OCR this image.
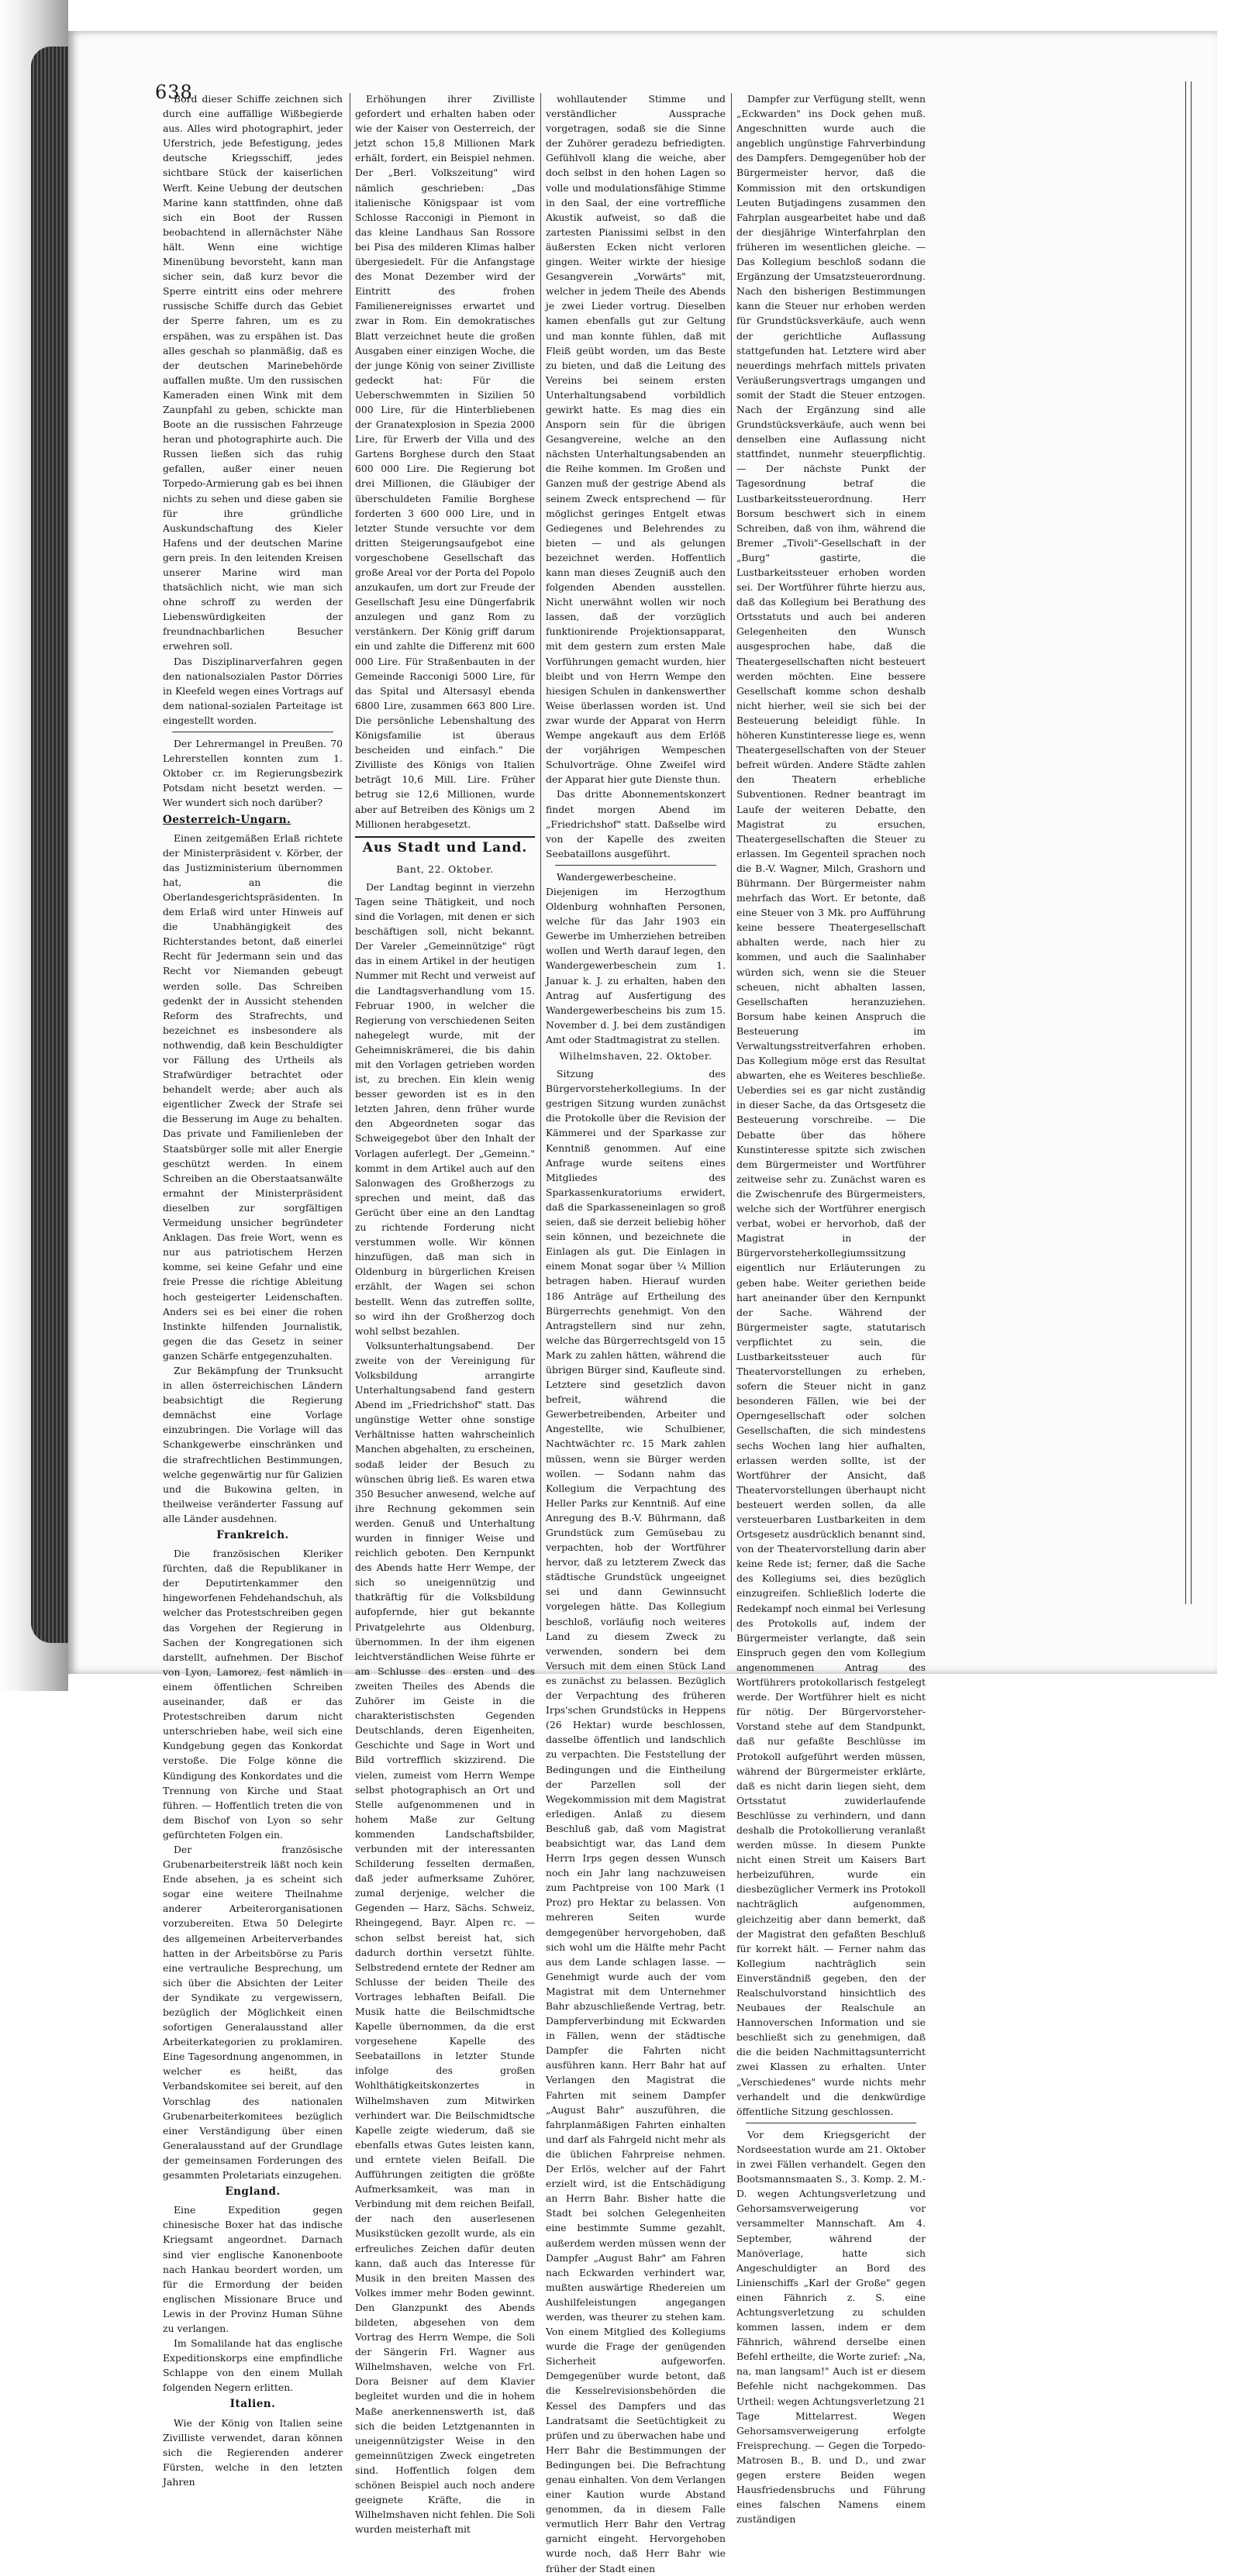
638

Bord dieser Schiffe zeichnen sich durch eine auffällige Wißbegierde aus. Alles wird photographirt, jeder Uferstrich, jede Befestigung, jedes deutsche Kriegsschiff, jedes sichtbare Stück der kaiserlichen Werft. Keine Uebung der deutschen Marine kann stattfinden, ohne daß sich ein Boot der Russen beobachtend in allernächster Nähe hält. Wenn eine wichtige Minenübung bevorsteht, kann man sicher sein, daß kurz bevor die Sperre eintritt eins oder mehrere russische Schiffe durch das Gebiet der Sperre fahren, um es zu erspähen, was zu erspähen ist. Das alles geschah so planmäßig, daß es der deutschen Marinebehörde auffallen mußte. Um den russischen Kameraden einen Wink mit dem Zaunpfahl zu geben, schickte man Boote an die russischen Fahrzeuge heran und photographirte auch. Die Russen ließen sich das ruhig gefallen, außer einer neuen Torpedo-Armierung gab es bei ihnen nichts zu sehen und diese gaben sie für ihre gründliche Auskundschaftung des Kieler Hafens und der deutschen Marine gern preis. In den leitenden Kreisen unserer Marine wird man thatsächlich nicht, wie man sich ohne schroff zu werden der Liebenswürdigkeiten der freundnachbarlichen Besucher erwehren soll.

Das Disziplinarverfahren gegen den nationalsozialen Pastor Dörries in Kleefeld wegen eines Vortrags auf dem national-sozialen Parteitage ist eingestellt worden.

Der Lehrermangel in Preußen. 70 Lehrerstellen konnten zum 1. Oktober cr. im Regierungsbezirk Potsdam nicht besetzt werden. — Wer wundert sich noch darüber?

Oesterreich-Ungarn.

Einen zeitgemäßen Erlaß richtete der Ministerpräsident v. Körber, der das Justizministerium übernommen hat, an die Oberlandesgerichtspräsidenten. In dem Erlaß wird unter Hinweis auf die Unabhängigkeit des Richterstandes betont, daß einerlei Recht für Jedermann sein und das Recht vor Niemanden gebeugt werden solle. Das Schreiben gedenkt der in Aussicht stehenden Reform des Strafrechts, und bezeichnet es insbesondere als nothwendig, daß kein Beschuldigter vor Fällung des Urtheils als Strafwürdiger betrachtet oder behandelt werde; aber auch als eigentlicher Zweck der Strafe sei die Besserung im Auge zu behalten. Das private und Familienleben der Staatsbürger solle mit aller Energie geschützt werden. In einem Schreiben an die Oberstaatsanwälte ermahnt der Ministerpräsident dieselben zur sorgfältigen Vermeidung unsicher begründeter Anklagen. Das freie Wort, wenn es nur aus patriotischem Herzen komme, sei keine Gefahr und eine freie Presse die richtige Ableitung hoch gesteigerter Leidenschaften. Anders sei es bei einer die rohen Instinkte hilfenden Journalistik, gegen die das Gesetz in seiner ganzen Schärfe entgegenzuhalten.

Zur Bekämpfung der Trunksucht in allen österreichischen Ländern beabsichtigt die Regierung demnächst eine Vorlage einzubringen. Die Vorlage will das Schankgewerbe einschränken und die strafrechtlichen Bestimmungen, welche gegenwärtig nur für Galizien und die Bukowina gelten, in theilweise veränderter Fassung auf alle Länder ausdehnen.

Frankreich.

Die französischen Kleriker fürchten, daß die Republikaner in der Deputirtenkammer den hingeworfenen Fehdehandschuh, als welcher das Protestschreiben gegen das Vorgehen der Regierung in Sachen der Kongregationen sich darstellt, aufnehmen. Der Bischof von Lyon, Lamorez, fest nämlich in einem öffentlichen Schreiben auseinander, daß er das Protestschreiben darum nicht unterschrieben habe, weil sich eine Kundgebung gegen das Konkordat verstoße. Die Folge könne die Kündigung des Konkordates und die Trennung von Kirche und Staat führen. — Hoffentlich treten die von dem Bischof von Lyon so sehr gefürchteten Folgen ein.

Der französische Grubenarbeiterstreik läßt noch kein Ende absehen, ja es scheint sich sogar eine weitere Theilnahme anderer Arbeiterorganisationen vorzubereiten. Etwa 50 Delegirte des allgemeinen Arbeiterverbandes hatten in der Arbeitsbörse zu Paris eine vertrauliche Besprechung, um sich über die Absichten der Leiter der Syndikate zu vergewissern, bezüglich der Möglichkeit einen sofortigen Generalausstand aller Arbeiterkategorien zu proklamiren. Eine Tagesordnung angenommen, in welcher es heißt, das Verbandskomitee sei bereit, auf den Vorschlag des nationalen Grubenarbeiterkomitees bezüglich einer Verständigung über einen Generalausstand auf der Grundlage der gemeinsamen Forderungen des gesammten Proletariats einzugehen.

England.

Eine Expedition gegen chinesische Boxer hat das indische Kriegsamt angeordnet. Darnach sind vier englische Kanonenboote nach Hankau beordert worden, um für die Ermordung der beiden englischen Missionare Bruce und Lewis in der Provinz Human Sühne zu verlangen.

Im Somalilande hat das englische Expeditionskorps eine empfindliche Schlappe von den einem Mullah folgenden Negern erlitten.

Italien.

Wie der König von Italien seine Zivilliste verwendet, daran können sich die Regierenden anderer Fürsten, welche in den letzten Jahren

Erhöhungen ihrer Zivilliste gefordert und erhalten haben oder wie der Kaiser von Oesterreich, der jetzt schon 15,8 Millionen Mark erhält, fordert, ein Beispiel nehmen. Der „Berl. Volkszeitung" wird nämlich geschrieben: „Das italienische Königspaar ist vom Schlosse Racconigi in Piemont in das kleine Landhaus San Rossore bei Pisa des milderen Klimas halber übergesiedelt. Für die Anfangstage des Monat Dezember wird der Eintritt des frohen Familienereignisses erwartet und zwar in Rom. Ein demokratisches Blatt verzeichnet heute die großen Ausgaben einer einzigen Woche, die der junge König von seiner Zivilliste gedeckt hat: Für die Ueberschwemmten in Sizilien 50 000 Lire, für die Hinterbliebenen der Granatexplosion in Spezia 2000 Lire, für Erwerb der Villa und des Gartens Borghese durch den Staat 600 000 Lire. Die Regierung bot drei Millionen, die Gläubiger der überschuldeten Familie Borghese forderten 3 600 000 Lire, und in letzter Stunde versuchte vor dem dritten Steigerungsaufgebot eine vorgeschobene Gesellschaft das große Areal vor der Porta del Popolo anzukaufen, um dort zur Freude der Gesellschaft Jesu eine Düngerfabrik anzulegen und ganz Rom zu verstänkern. Der König griff darum ein und zahlte die Differenz mit 600 000 Lire. Für Straßenbauten in der Gemeinde Racconigi 5000 Lire, für das Spital und Altersasyl ebenda 6800 Lire, zusammen 663 800 Lire. Die persönliche Lebenshaltung des Königsfamilie ist überaus bescheiden und einfach." Die Zivilliste des Königs von Italien beträgt 10,6 Mill. Lire. Früher betrug sie 12,6 Millionen, wurde aber auf Betreiben des Königs um 2 Millionen herabgesetzt.

Aus Stadt und Land.
Bant, 22. Oktober.

Der Landtag beginnt in vierzehn Tagen seine Thätigkeit, und noch sind die Vorlagen, mit denen er sich beschäftigen soll, nicht bekannt. Der Vareler „Gemeinnützige" rügt das in einem Artikel in der heutigen Nummer mit Recht und verweist auf die Landtagsverhandlung vom 15. Februar 1900, in welcher die Regierung von verschiedenen Seiten nahegelegt wurde, mit der Geheimniskrämerei, die bis dahin mit den Vorlagen getrieben worden ist, zu brechen. Ein klein wenig besser geworden ist es in den letzten Jahren, denn früher wurde den Abgeordneten sogar das Schweigegebot über den Inhalt der Vorlagen auferlegt. Der „Gemeinn." kommt in dem Artikel auch auf den Salonwagen des Großherzogs zu sprechen und meint, daß das Gerücht über eine an den Landtag zu richtende Forderung nicht verstummen wolle. Wir können hinzufügen, daß man sich in Oldenburg in bürgerlichen Kreisen erzählt, der Wagen sei schon bestellt. Wenn das zutreffen sollte, so wird ihn der Großherzog doch wohl selbst bezahlen.

Volksunterhaltungsabend. Der zweite von der Vereinigung für Volksbildung arrangirte Unterhaltungsabend fand gestern Abend im „Friedrichshof" statt. Das ungünstige Wetter ohne sonstige Verhältnisse hatten wahrscheinlich Manchen abgehalten, zu erscheinen, sodaß leider der Besuch zu wünschen übrig ließ. Es waren etwa 350 Besucher anwesend, welche auf ihre Rechnung gekommen sein werden. Genuß und Unterhaltung wurden in finniger Weise und reichlich geboten. Den Kernpunkt des Abends hatte Herr Wempe, der sich so uneigennützig und thatkräftig für die Volksbildung aufopfernde, hier gut bekannte Privatgelehrte aus Oldenburg, übernommen. In der ihm eigenen leichtverständlichen Weise führte er am Schlusse des ersten und des zweiten Theiles des Abends die Zuhörer im Geiste in die charakteristischsten Gegenden Deutschlands, deren Eigenheiten, Geschichte und Sage in Wort und Bild vortrefflich skizzirend. Die vielen, zumeist vom Herrn Wempe selbst photographisch an Ort und Stelle aufgenommenen und in hohem Maße zur Geltung kommenden Landschaftsbilder, verbunden mit der interessanten Schilderung fesselten dermaßen, daß jeder aufmerksame Zuhörer, zumal derjenige, welcher die Gegenden — Harz, Sächs. Schweiz, Rheingegend, Bayr. Alpen rc. — schon selbst bereist hat, sich dadurch dorthin versetzt fühlte. Selbstredend erntete der Redner am Schlusse der beiden Theile des Vortrages lebhaften Beifall. Die Musik hatte die Beilschmidtsche Kapelle übernommen, da die erst vorgesehene Kapelle des Seebataillons in letzter Stunde infolge des großen Wohlthätigkeitskonzertes in Wilhelmshaven zum Mitwirken verhindert war. Die Beilschmidtsche Kapelle zeigte wiederum, daß sie ebenfalls etwas Gutes leisten kann, und erntete vielen Beifall. Die Aufführungen zeitigten die größte Aufmerksamkeit, was man in Verbindung mit dem reichen Beifall, der nach den auserlesenen Musikstücken gezollt wurde, als ein erfreuliches Zeichen dafür deuten kann, daß auch das Interesse für Musik in den breiten Massen des Volkes immer mehr Boden gewinnt. Den Glanzpunkt des Abends bildeten, abgesehen von dem Vortrag des Herrn Wempe, die Soli der Sängerin Frl. Wagner aus Wilhelmshaven, welche von Frl. Dora Beisner auf dem Klavier begleitet wurden und die in hohem Maße anerkennenswerth ist, daß sich die beiden Letztgenannten in uneigennützigster Weise in den gemeinnützigen Zweck eingetreten sind. Hoffentlich folgen dem schönen Beispiel auch noch andere geeignete Kräfte, die in Wilhelmshaven nicht fehlen. Die Soli wurden meisterhaft mit

wohllautender Stimme und verständlicher Aussprache vorgetragen, sodaß sie die Sinne der Zuhörer geradezu befriedigten. Gefühlvoll klang die weiche, aber doch selbst in den hohen Lagen so volle und modulationsfähige Stimme in den Saal, der eine vortreffliche Akustik aufweist, so daß die zartesten Pianissimi selbst in den äußersten Ecken nicht verloren gingen. Weiter wirkte der hiesige Gesangverein „Vorwärts" mit, welcher in jedem Theile des Abends je zwei Lieder vortrug. Dieselben kamen ebenfalls gut zur Geltung und man konnte fühlen, daß mit Fleiß geübt worden, um das Beste zu bieten, und daß die Leitung des Vereins bei seinem ersten Unterhaltungsabend vorbildlich gewirkt hatte. Es mag dies ein Ansporn sein für die übrigen Gesangvereine, welche an den nächsten Unterhaltungsabenden an die Reihe kommen. Im Großen und Ganzen muß der gestrige Abend als seinem Zweck entsprechend — für möglichst geringes Entgelt etwas Gediegenes und Belehrendes zu bieten — und als gelungen bezeichnet werden. Hoffentlich kann man dieses Zeugniß auch den folgenden Abenden ausstellen. Nicht unerwähnt wollen wir noch lassen, daß der vorzüglich funktionirende Projektionsapparat, mit dem gestern zum ersten Male Vorführungen gemacht wurden, hier bleibt und von Herrn Wempe den hiesigen Schulen in dankenswerther Weise überlassen worden ist. Und zwar wurde der Apparat von Herrn Wempe angekauft aus dem Erlöß der vorjährigen Wempeschen Schulvorträge. Ohne Zweifel wird der Apparat hier gute Dienste thun.

Das dritte Abonnementskonzert findet morgen Abend im „Friedrichshof" statt. Daßselbe wird von der Kapelle des zweiten Seebataillons ausgeführt.

Wandergewerbescheine. Diejenigen im Herzogthum Oldenburg wohnhaften Personen, welche für das Jahr 1903 ein Gewerbe im Umherziehen betreiben wollen und Werth darauf legen, den Wandergewerbeschein zum 1. Januar k. J. zu erhalten, haben den Antrag auf Ausfertigung des Wandergewerbescheins bis zum 15. November d. J. bei dem zuständigen Amt oder Stadtmagistrat zu stellen.

Wilhelmshaven, 22. Oktober.

Sitzung des Bürgervorsteherkollegiums. In der gestrigen Sitzung wurden zunächst die Protokolle über die Revision der Kämmerei und der Sparkasse zur Kenntniß genommen. Auf eine Anfrage wurde seitens eines Mitgliedes des Sparkassenkuratoriums erwidert, daß die Sparkasseneinlagen so groß seien, daß sie derzeit beliebig höher sein können, und bezeichnete die Einlagen als gut. Die Einlagen in einem Monat sogar über ¼ Million betragen haben. Hierauf wurden 186 Anträge auf Ertheilung des Bürgerrechts genehmigt. Von den Antragstellern sind nur zehn, welche das Bürgerrechtsgeld von 15 Mark zu zahlen hätten, während die übrigen Bürger sind, Kaufleute sind. Letztere sind gesetzlich davon befreit, während die Gewerbetreibenden, Arbeiter und Angestellte, wie Schulbiener, Nachtwächter rc. 15 Mark zahlen müssen, wenn sie Bürger werden wollen. — Sodann nahm das Kollegium die Verpachtung des Heller Parks zur Kenntniß. Auf eine Anregung des B.-V. Bührmann, daß Grundstück zum Gemüsebau zu verpachten, hob der Wortführer hervor, daß zu letzterem Zweck das städtische Grundstück ungeeignet sei und dann Gewinnsucht vorgelegen hätte. Das Kollegium beschloß, vorläufig noch weiteres Land zu diesem Zweck zu verwenden, sondern bei dem Versuch mit dem einen Stück Land es zunächst zu belassen. Bezüglich der Verpachtung des früheren Irps'schen Grundstücks in Heppens (26 Hektar) wurde beschlossen, dasselbe öffentlich und landschlich zu verpachten. Die Feststellung der Bedingungen und die Eintheilung der Parzellen soll der Wegekommission mit dem Magistrat erledigen. Anlaß zu diesem Beschluß gab, daß vom Magistrat beabsichtigt war, das Land dem Herrn Irps gegen dessen Wunsch noch ein Jahr lang nachzuweisen zum Pachtpreise von 100 Mark (1 Proz) pro Hektar zu belassen. Von mehreren Seiten wurde demgegenüber hervorgehoben, daß sich wohl um die Hälfte mehr Pacht aus dem Lande schlagen lasse. — Genehmigt wurde auch der vom Magistrat mit dem Unternehmer Bahr abzuschließende Vertrag, betr. Dampferverbindung mit Eckwarden in Fällen, wenn der städtische Dampfer die Fahrten nicht ausführen kann. Herr Bahr hat auf Verlangen den Magistrat die Fahrten mit seinem Dampfer „August Bahr" auszuführen, die fahrplanmäßigen Fahrten einhalten und darf als Fahrgeld nicht mehr als die üblichen Fahrpreise nehmen. Der Erlös, welcher auf der Fahrt erzielt wird, ist die Entschädigung an Herrn Bahr. Bisher hatte die Stadt bei solchen Gelegenheiten eine bestimmte Summe gezahlt, außerdem werden müssen wenn der Dampfer „August Bahr" am Fahren nach Eckwarden verhindert war, mußten auswärtige Rhedereien um Aushilfeleistungen angegangen werden, was theurer zu stehen kam. Von einem Mitglied des Kollegiums wurde die Frage der genügenden Sicherheit aufgeworfen. Demgegenüber wurde betont, daß die Kesselrevisionsbehörden die Kessel des Dampfers und das Landratsamt die Seetüchtigkeit zu prüfen und zu überwachen habe und Herr Bahr die Bestimmungen der Bedingungen bei. Die Befrachtung genau einhalten. Von dem Verlangen einer Kaution wurde Abstand genommen, da in diesem Falle vermutlich Herr Bahr den Vertrag garnicht eingeht. Hervorgehoben wurde noch, daß Herr Bahr wie früher der Stadt einen

Dampfer zur Verfügung stellt, wenn „Eckwarden" ins Dock gehen muß. Angeschnitten wurde auch die angeblich ungünstige Fahrverbindung des Dampfers. Demgegenüber hob der Bürgermeister hervor, daß die Kommission mit den ortskundigen Leuten Butjadingens zusammen den Fahrplan ausgearbeitet habe und daß der diesjährige Winterfahrplan den früheren im wesentlichen gleiche. — Das Kollegium beschloß sodann die Ergänzung der Umsatzsteuerordnung. Nach den bisherigen Bestimmungen kann die Steuer nur erhoben werden für Grundstücksverkäufe, auch wenn der gerichtliche Auflassung stattgefunden hat. Letztere wird aber neuerdings mehrfach mittels privaten Veräußerungsvertrags umgangen und somit der Stadt die Steuer entzogen. Nach der Ergänzung sind alle Grundstücksverkäufe, auch wenn bei denselben eine Auflassung nicht stattfindet, nunmehr steuerpflichtig. — Der nächste Punkt der Tagesordnung betraf die Lustbarkeitssteuerordnung. Herr Borsum beschwert sich in einem Schreiben, daß von ihm, während die Bremer „Tivoli"-Gesellschaft in der „Burg" gastirte, die Lustbarkeitssteuer erhoben worden sei. Der Wortführer führte hierzu aus, daß das Kollegium bei Berathung des Ortsstatuts und auch bei anderen Gelegenheiten den Wunsch ausgesprochen habe, daß die Theatergesellschaften nicht besteuert werden möchten. Eine bessere Gesellschaft komme schon deshalb nicht hierher, weil sie sich bei der Besteuerung beleidigt fühle. In höheren Kunstinteresse liege es, wenn Theatergesellschaften von der Steuer befreit würden. Andere Städte zahlen den Theatern erhebliche Subventionen. Redner beantragt im Laufe der weiteren Debatte, den Magistrat zu ersuchen, Theatergesellschaften die Steuer zu erlassen. Im Gegenteil sprachen noch die B.-V. Wagner, Milch, Grashorn und Bührmann. Der Bürgermeister nahm mehrfach das Wort. Er betonte, daß eine Steuer von 3 Mk. pro Aufführung keine bessere Theatergesellschaft abhalten werde, nach hier zu kommen, und auch die Saalinhaber würden sich, wenn sie die Steuer scheuen, nicht abhalten lassen, Gesellschaften heranzuziehen. Borsum habe keinen Anspruch die Besteuerung im Verwaltungsstreitverfahren erhoben. Das Kollegium möge erst das Resultat abwarten, ehe es Weiteres beschließe. Ueberdies sei es gar nicht zuständig in dieser Sache, da das Ortsgesetz die Besteuerung vorschreibe. — Die Debatte über das höhere Kunstinteresse spitzte sich zwischen dem Bürgermeister und Wortführer zeitweise sehr zu. Zunächst waren es die Zwischenrufe des Bürgermeisters, welche sich der Wortführer energisch verbat, wobei er hervorhob, daß der Magistrat in der Bürgervorsteherkollegiumssitzung eigentlich nur Erläuterungen zu geben habe. Weiter geriethen beide hart aneinander über den Kernpunkt der Sache. Während der Bürgermeister sagte, statutarisch verpflichtet zu sein, die Lustbarkeitssteuer auch für Theatervorstellungen zu erheben, sofern die Steuer nicht in ganz besonderen Fällen, wie bei der Operngesellschaft oder solchen Gesellschaften, die sich mindestens sechs Wochen lang hier aufhalten, erlassen werden sollte, ist der Wortführer der Ansicht, daß Theatervorstellungen überhaupt nicht besteuert werden sollen, da alle versteuerbaren Lustbarkeiten in dem Ortsgesetz ausdrücklich benannt sind, von der Theatervorstellung darin aber keine Rede ist; ferner, daß die Sache des Kollegiums sei, dies bezüglich einzugreifen. Schließlich loderte die Redekampf noch einmal bei Verlesung des Protokolls auf, indem der Bürgermeister verlangte, daß sein Einspruch gegen den vom Kollegium angenommenen Antrag des Wortführers protokollarisch festgelegt werde. Der Wortführer hielt es nicht für nötig. Der Bürgervorsteher-Vorstand stehe auf dem Standpunkt, daß nur gefaßte Beschlüsse im Protokoll aufgeführt werden müssen, während der Bürgermeister erklärte, daß es nicht darin liegen sieht, dem Ortsstatut zuwiderlaufende Beschlüsse zu verhindern, und dann deshalb die Protokollierung veranlaßt werden müsse. In diesem Punkte nicht einen Streit um Kaisers Bart herbeizuführen, wurde ein diesbezüglicher Vermerk ins Protokoll nachträglich aufgenommen, gleichzeitig aber dann bemerkt, daß der Magistrat den gefaßten Beschluß für korrekt hält. — Ferner nahm das Kollegium nachträglich sein Einverständniß gegeben, den der Realschulvorstand hinsichtlich des Neubaues der Realschule an Hannoverschen Information und sie beschließt sich zu genehmigen, daß die die beiden Nachmittagsunterricht zwei Klassen zu erhalten. Unter „Verschiedenes" wurde nichts mehr verhandelt und die denkwürdige öffentliche Sitzung geschlossen.

Vor dem Kriegsgericht der Nordseestation wurde am 21. Oktober in zwei Fällen verhandelt. Gegen den Bootsmannsmaaten S., 3. Komp. 2. M.-D. wegen Achtungsverletzung und Gehorsamsverweigerung vor versammelter Mannschaft. Am 4. September, während der Manöverlage, hatte sich Angeschuldigter an Bord des Linienschiffs „Karl der Große" gegen einen Fähnrich z. S. eine Achtungsverletzung zu schulden kommen lassen, indem er dem Fähnrich, während derselbe einen Befehl ertheilte, die Worte zurief: „Na, na, man langsam!" Auch ist er diesem Befehle nicht nachgekommen. Das Urtheil: wegen Achtungsverletzung 21 Tage Mittelarrest. Wegen Gehorsamsverweigerung erfolgte Freisprechung. — Gegen die Torpedo-Matrosen B., B. und D., und zwar gegen erstere Beiden wegen Hausfriedensbruchs und Führung eines falschen Namens einem zuständigen
